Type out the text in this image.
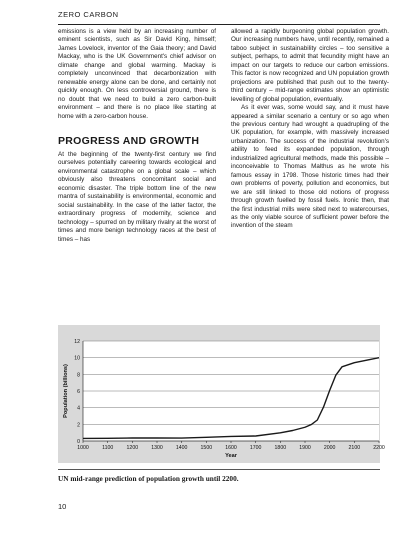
ZERO CARBON

emissions is a view held by an increasing number of eminent scientists, such as Sir David King, himself; James Lovelock, inventor of the Gaia theory; and David Mackay, who is the UK Government's chief advisor on climate change and global warming. Mackay is completely unconvinced that decarbonization with renewable energy alone can be done, and certainly not quickly enough. On less controversial ground, there is no doubt that we need to build a zero carbon-built environment – and there is no place like starting at home with a zero-carbon house.

PROGRESS AND GROWTH

At the beginning of the twenty-first century we find ourselves potentially careering towards ecological and environmental catastrophe on a global scale – which obviously also threatens concomitant social and economic disaster. The triple bottom line of the new mantra of sustainability is environmental, economic and social sustainability. In the case of the latter factor, the extraordinary progress of modernity, science and technology – spurred on by military rivalry at the worst of times and more benign technology races at the best of times – has

allowed a rapidly burgeoning global population growth. Our increasing numbers have, until recently, remained a taboo subject in sustainability circles – too sensitive a subject, perhaps, to admit that fecundity might have an impact on our targets to reduce our carbon emissions. This factor is now recognized and UN population growth projections are published that push out to the twenty-third century – mid-range estimates show an optimistic levelling of global population, eventually.

As it ever was, some would say, and it must have appeared a similar scenario a century or so ago when the previous century had wrought a quadrupling of the UK population, for example, with massively increased urbanization. The success of the industrial revolution's ability to feed its expanded population, through industrialized agricultural methods, made this possible – inconceivable to Thomas Malthus as he wrote his famous essay in 1798. Those historic times had their own problems of poverty, pollution and economics, but we are still linked to those old notions of progress through growth fuelled by fossil fuels. Ironic then, that the first industrial mills were sited next to watercourses, as the only viable source of sufficient power before the invention of the steam

0
2
4
6
8
10
12
1000	1100	1200	1300	1400	1500	1600	1700	1800	1900	2000	2100	2200
Year
Population (billions)
UN mid-range prediction of population growth until 2200.
10
